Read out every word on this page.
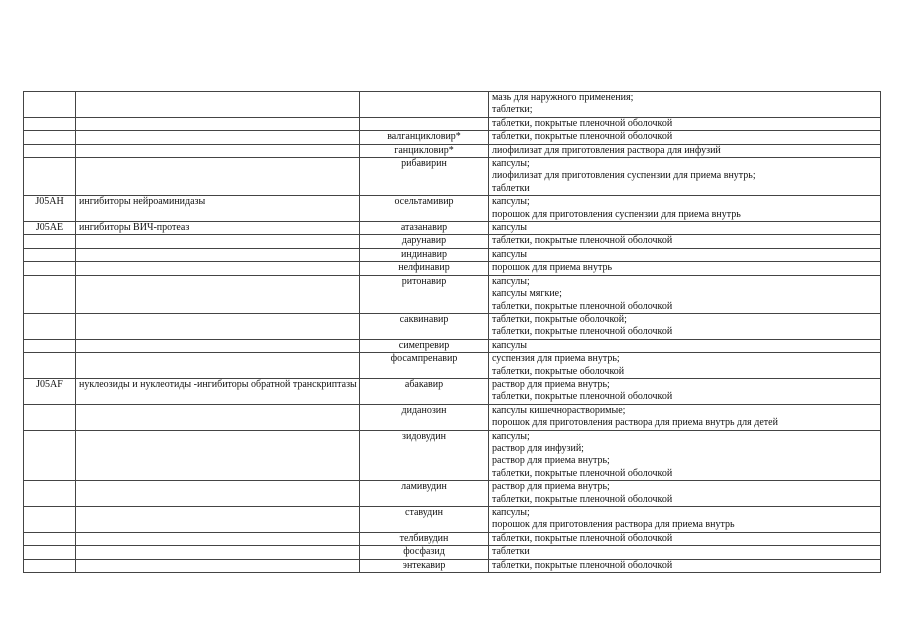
			мазь для наружного применения;
таблетки;

			таблетки, покрытые пленочной оболочкой

		валганцикловир*	таблетки, покрытые пленочной оболочкой

		ганцикловир*	лиофилизат для приготовления раствора для инфузий

		рибавирин	капсулы;
лиофилизат для приготовления суспензии для приема внутрь;
таблетки

J05AH	ингибиторы нейроаминидазы	осельтамивир	капсулы;
порошок для приготовления суспензии для приема внутрь

J05AE	ингибиторы ВИЧ-протеаз	атазанавир	капсулы

		дарунавир	таблетки, покрытые пленочной оболочкой

		индинавир	капсулы

		нелфинавир	порошок для приема внутрь

		ритонавир	капсулы;
капсулы мягкие;
таблетки, покрытые пленочной оболочкой

		саквинавир	таблетки, покрытые оболочкой;
таблетки, покрытые пленочной оболочкой

		симепревир	капсулы

		фосампренавир	суспензия для приема внутрь;
таблетки, покрытые оболочкой

J05AF	нуклеозиды и нуклеотиды -ингибиторы обратной транскриптазы	абакавир	раствор для приема внутрь;
таблетки, покрытые пленочной оболочкой

		диданозин	капсулы кишечнорастворимые;
порошок для приготовления раствора для приема внутрь для детей

		зидовудин	капсулы;
раствор для инфузий;
раствор для приема внутрь;
таблетки, покрытые пленочной оболочкой

		ламивудин	раствор для приема внутрь;
таблетки, покрытые пленочной оболочкой

		ставудин	капсулы;
порошок для приготовления раствора для приема внутрь

		телбивудин	таблетки, покрытые пленочной оболочкой

		фосфазид	таблетки

		энтекавир	таблетки, покрытые пленочной оболочкой
